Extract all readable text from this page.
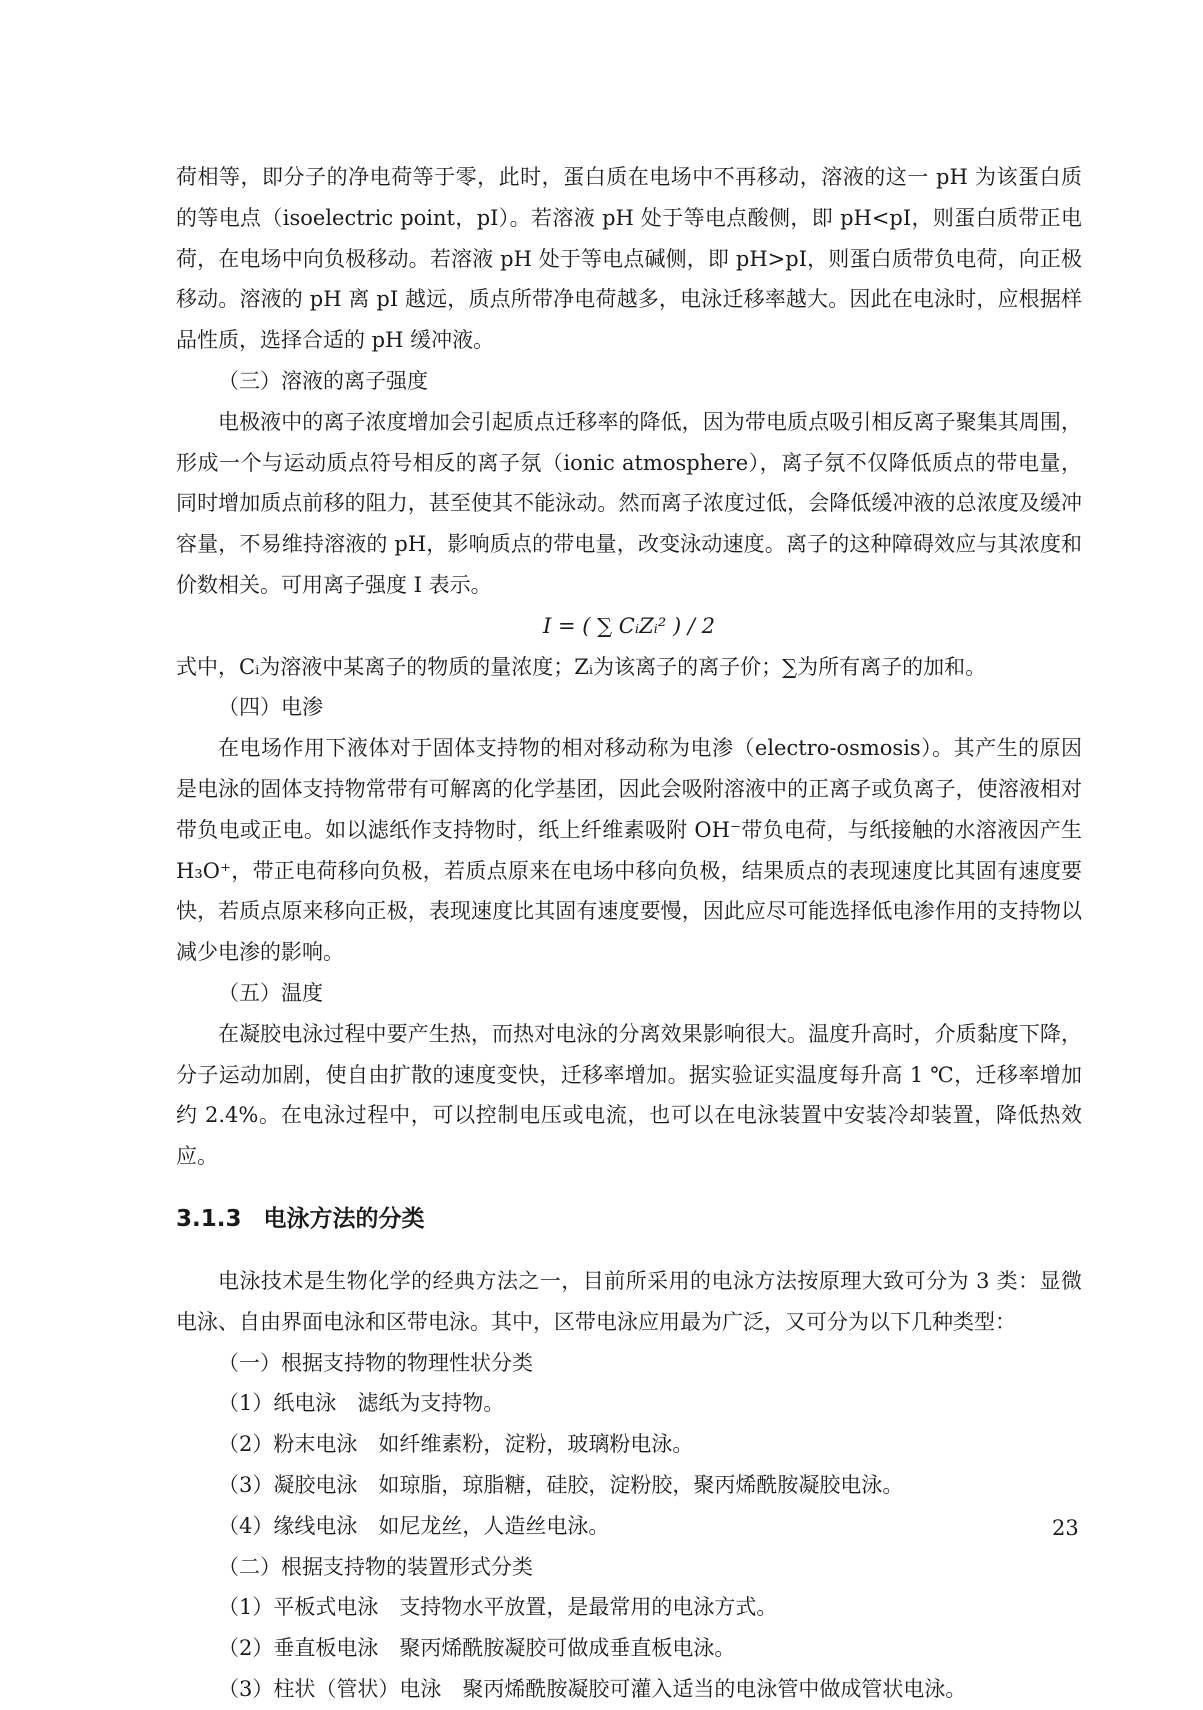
荷相等，即分子的净电荷等于零，此时，蛋白质在电场中不再移动，溶液的这一 pH 为该蛋白质的等电点（isoelectric point，pI）。若溶液 pH 处于等电点酸侧，即 pH<pI，则蛋白质带正电荷，在电场中向负极移动。若溶液 pH 处于等电点碱侧，即 pH>pI，则蛋白质带负电荷，向正极移动。溶液的 pH 离 pI 越远，质点所带净电荷越多，电泳迁移率越大。因此在电泳时，应根据样品性质，选择合适的 pH 缓冲液。

（三）溶液的离子强度

电极液中的离子浓度增加会引起质点迁移率的降低，因为带电质点吸引相反离子聚集其周围，形成一个与运动质点符号相反的离子氛（ionic atmosphere），离子氛不仅降低质点的带电量，同时增加质点前移的阻力，甚至使其不能泳动。然而离子浓度过低，会降低缓冲液的总浓度及缓冲容量，不易维持溶液的 pH，影响质点的带电量，改变泳动速度。离子的这种障碍效应与其浓度和价数相关。可用离子强度 I 表示。

I = ( ∑ CᵢZᵢ² ) / 2

式中，Cᵢ为溶液中某离子的物质的量浓度；Zᵢ为该离子的离子价；∑为所有离子的加和。

（四）电渗

在电场作用下液体对于固体支持物的相对移动称为电渗（electro-osmosis）。其产生的原因是电泳的固体支持物常带有可解离的化学基团，因此会吸附溶液中的正离子或负离子，使溶液相对带负电或正电。如以滤纸作支持物时，纸上纤维素吸附 OH⁻带负电荷，与纸接触的水溶液因产生 H₃O⁺，带正电荷移向负极，若质点原来在电场中移向负极，结果质点的表现速度比其固有速度要快，若质点原来移向正极，表现速度比其固有速度要慢，因此应尽可能选择低电渗作用的支持物以减少电渗的影响。

（五）温度

在凝胶电泳过程中要产生热，而热对电泳的分离效果影响很大。温度升高时，介质黏度下降，分子运动加剧，使自由扩散的速度变快，迁移率增加。据实验证实温度每升高 1 ℃，迁移率增加约 2.4%。在电泳过程中，可以控制电压或电流，也可以在电泳装置中安装冷却装置，降低热效应。

3.1.3 电泳方法的分类

电泳技术是生物化学的经典方法之一，目前所采用的电泳方法按原理大致可分为 3 类：显微电泳、自由界面电泳和区带电泳。其中，区带电泳应用最为广泛，又可分为以下几种类型：

（一）根据支持物的物理性状分类

（1）纸电泳　滤纸为支持物。

（2）粉末电泳　如纤维素粉，淀粉，玻璃粉电泳。

（3）凝胶电泳　如琼脂，琼脂糖，硅胶，淀粉胶，聚丙烯酰胺凝胶电泳。

（4）缘线电泳　如尼龙丝，人造丝电泳。

（二）根据支持物的装置形式分类

（1）平板式电泳　支持物水平放置，是最常用的电泳方式。

（2）垂直板电泳　聚丙烯酰胺凝胶可做成垂直板电泳。

（3）柱状（管状）电泳　聚丙烯酰胺凝胶可灌入适当的电泳管中做成管状电泳。

23
